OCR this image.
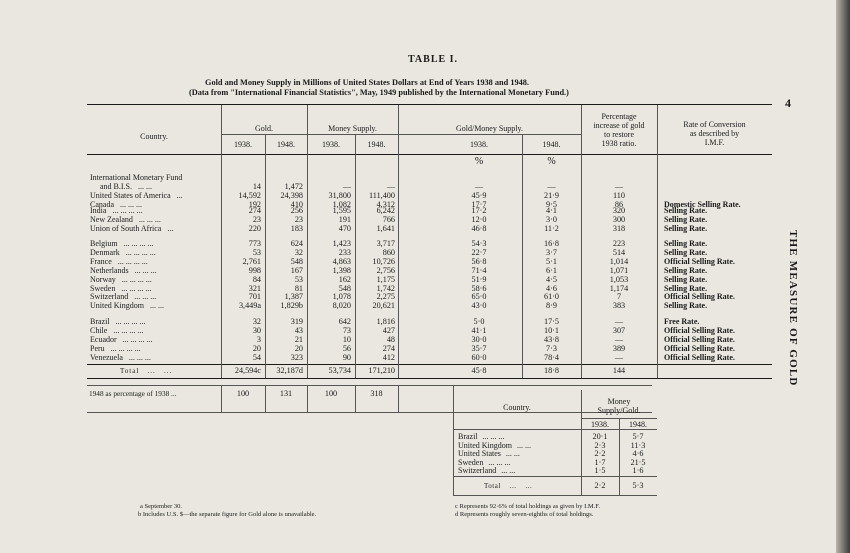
TABLE I.
Gold and Money Supply in Millions of United States Dollars at End of Years 1938 and 1948.
(Data from "International Financial Statistics", May, 1949 published by the International Monetary Fund.)
4
THE MEASURE OF GOLD
Country.
Gold.	Money Supply.	Gold/Money Supply.
Percentage
increase of gold
to restore
1938 ratio.
Rate of Conversion
as described by
I.M.F.
1938.	1948.	1938.	1948.	1938.	1948.
%	%
International Monetary Fund
and B.I.S. ... ...	14	1,472	—	—	—	—	—
United States of America ...	14,592	24,398	31,800	111,400	45·9	21·9	110
Canada ... ... ...	192	410	1,082	4,312	17·7	9·5	86	Domestic Selling Rate.
India ... ... ... ...	274	256	1,595	6,242	17·2	4·1	320	Selling Rate.
New Zealand ... ... ...	23	23	191	766	12·0	3·0	300	Selling Rate.
Union of South Africa ...	220	183	470	1,641	46·8	11·2	318	Selling Rate.
Belgium ... ... ... ...	773	624	1,423	3,717	54·3	16·8	223	Selling Rate.
Denmark ... ... ... ...	53	32	233	860	22·7	3·7	514	Selling Rate.
France ... ... ... ...	2,761	548	4,863	10,726	56·8	5·1	1,014	Official Selling Rate.
Netherlands ... ... ...	998	167	1,398	2,756	71·4	6·1	1,071	Selling Rate.
Norway ... ... ... ...	84	53	162	1,175	51·9	4·5	1,053	Selling Rate.
Sweden ... ... ... ...	321	81	548	1,742	58·6	4·6	1,174	Selling Rate.
Switzerland ... ... ...	701	1,387	1,078	2,275	65·0	61·0	7	Official Selling Rate.
United Kingdom ... ...	3,449a	1,829b	8,020	20,621	43·0	8·9	383	Selling Rate.
Brazil ... ... ... ...	32	319	642	1,816	5·0	17·5	—	Free Rate.
Chile ... ... ... ...	30	43	73	427	41·1	10·1	307	Official Selling Rate.
Ecuador ... ... ... ...	3	21	10	48	30·0	43·8	—	Official Selling Rate.
Peru ... ... ... ...	20	20	56	274	35·7	7·3	389	Official Selling Rate.
Venezuela ... ... ...	54	323	90	412	60·0	78·4	—	Official Selling Rate.
Total   ...   ...	24,594c	32,187d	53,734	171,210	45·8	18·8	144
1948 as percentage of 1938 ...	100	131	100	318
Country.
Money
Supply/Gold.
1938.	1948.
Brazil ... ... ...	20·1	5·7
United Kingdom ... ...	2·3	11·3
United States ... ...	2·2	4·6
Sweden ... ... ...	1·7	21·5
Switzerland ... ...	1·5	1·6
Total    ...    ...	2·2	5·3
a September 30.
b Includes U.S. $—the separate figure for Gold alone is unavailable.
c Represents 92·6% of total holdings as given by I.M.F.
d Represents roughly seven-eighths of total holdings.
